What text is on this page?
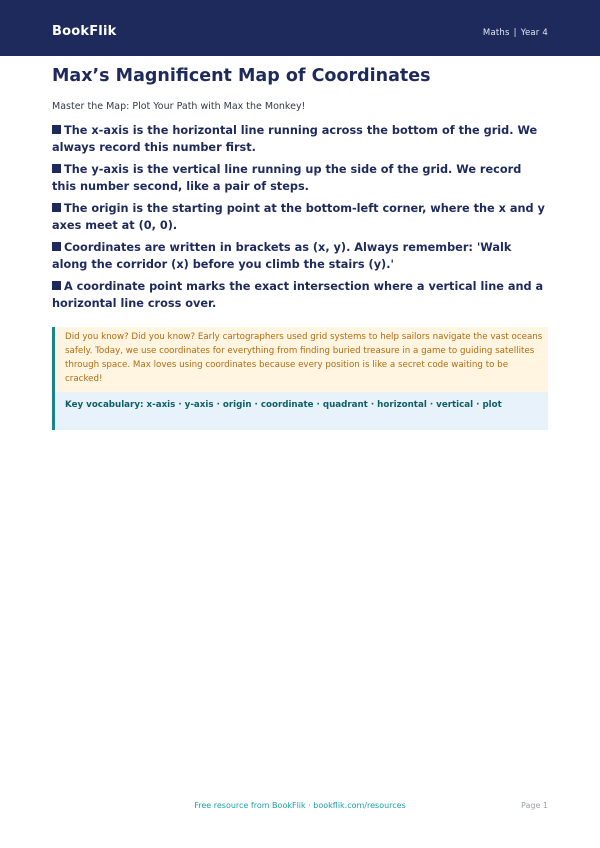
BookFlik	Maths | Year 4
Max’s Magnificent Map of Coordinates
Master the Map: Plot Your Path with Max the Monkey!
The x-axis is the horizontal line running across the bottom of the grid. We always record this number first.
The y-axis is the vertical line running up the side of the grid. We record this number second, like a pair of steps.
The origin is the starting point at the bottom-left corner, where the x and y axes meet at (0, 0).
Coordinates are written in brackets as (x, y). Always remember: 'Walk along the corridor (x) before you climb the stairs (y).'
A coordinate point marks the exact intersection where a vertical line and a horizontal line cross over.
Did you know? Did you know? Early cartographers used grid systems to help sailors navigate the vast oceans safely. Today, we use coordinates for everything from finding buried treasure in a game to guiding satellites through space. Max loves using coordinates because every position is like a secret code waiting to be cracked!
Key vocabulary: x-axis · y-axis · origin · coordinate · quadrant · horizontal · vertical · plot
Free resource from BookFlik · bookflik.com/resources	Page 1
